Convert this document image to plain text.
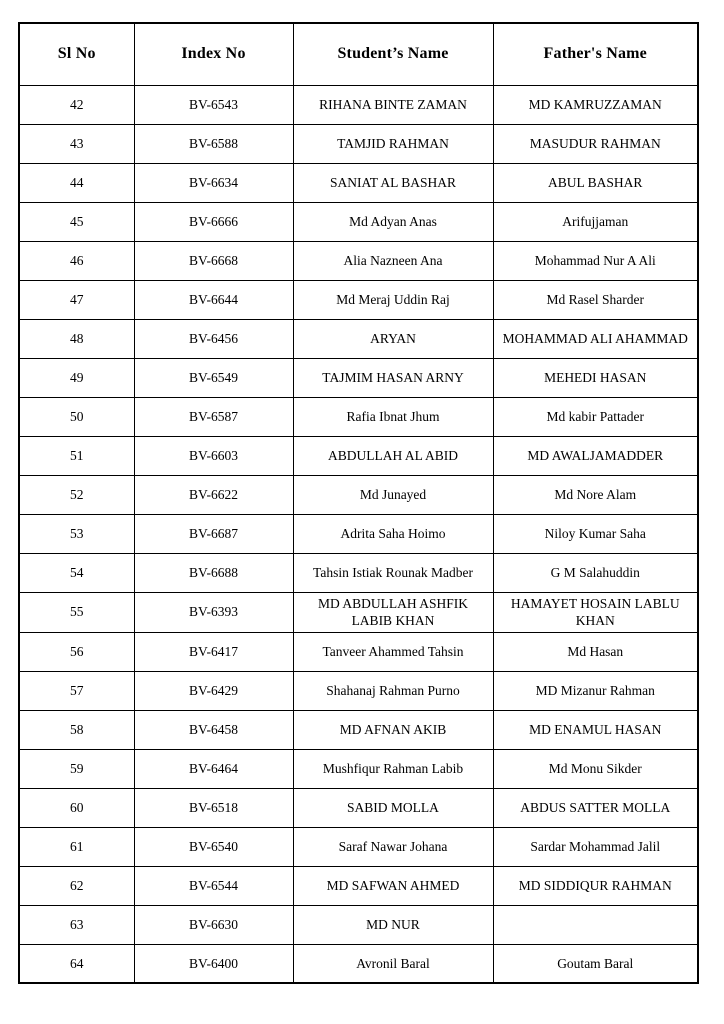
Sl No	Index No	Student’s Name	Father's Name
42	BV-6543	RIHANA BINTE ZAMAN	MD KAMRUZZAMAN
43	BV-6588	TAMJID RAHMAN	MASUDUR RAHMAN
44	BV-6634	SANIAT AL BASHAR	ABUL BASHAR
45	BV-6666	Md Adyan Anas	Arifujjaman
46	BV-6668	Alia Nazneen Ana	Mohammad Nur A Ali
47	BV-6644	Md Meraj Uddin Raj	Md Rasel Sharder
48	BV-6456	ARYAN	MOHAMMAD ALI AHAMMAD
49	BV-6549	TAJMIM HASAN ARNY	MEHEDI HASAN
50	BV-6587	Rafia Ibnat Jhum	Md kabir Pattader
51	BV-6603	ABDULLAH AL ABID	MD AWALJAMADDER
52	BV-6622	Md Junayed	Md Nore Alam
53	BV-6687	Adrita Saha Hoimo	Niloy Kumar Saha
54	BV-6688	Tahsin Istiak Rounak Madber	G M Salahuddin
55	BV-6393	MD ABDULLAH ASHFIK LABIB KHAN	HAMAYET HOSAIN LABLU KHAN
56	BV-6417	Tanveer Ahammed Tahsin	Md Hasan
57	BV-6429	Shahanaj Rahman Purno	MD Mizanur Rahman
58	BV-6458	MD AFNAN AKIB	MD ENAMUL HASAN
59	BV-6464	Mushfiqur Rahman Labib	Md Monu Sikder
60	BV-6518	SABID MOLLA	ABDUS SATTER MOLLA
61	BV-6540	Saraf Nawar Johana	Sardar Mohammad Jalil
62	BV-6544	MD SAFWAN AHMED	MD SIDDIQUR RAHMAN
63	BV-6630	MD NUR	
64	BV-6400	Avronil Baral	Goutam Baral
